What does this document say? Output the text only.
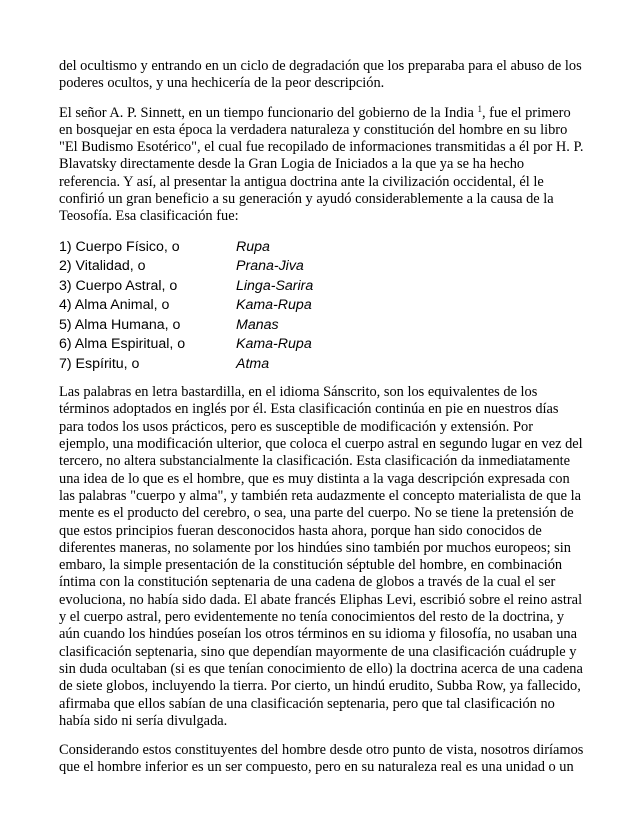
del ocultismo y entrando en un ciclo de degradación que los preparaba para el abuso de los poderes ocultos, y una hechicería de la peor descripción.

El señor A. P. Sinnett, en un tiempo funcionario del gobierno de la India $^1$, fue el primero en bosquejar en esta época la verdadera naturaleza y constitución del hombre en su libro "El Budismo Esotérico", el cual fue recopilado de informaciones transmitidas a él por H. P. Blavatsky directamente desde la Gran Logia de Iniciados a la que ya se ha hecho referencia. Y así, al presentar la antigua doctrina ante la civilización occidental, él le confirió un gran beneficio a su generación y ayudó considerablemente a la causa de la Teosofía. Esa clasificación fue:

1) Cuerpo Físico, o	Rupa
2) Vitalidad, o	Prana-Jiva
3) Cuerpo Astral, o	Linga-Sarira
4) Alma Animal, o	Kama-Rupa
5) Alma Humana, o	Manas
6) Alma Espiritual, o	Kama-Rupa
7) Espíritu, o	Atma

Las palabras en letra bastardilla, en el idioma Sánscrito, son los equivalentes de los términos adoptados en inglés por él. Esta clasificación continúa en pie en nuestros días para todos los usos prácticos, pero es susceptible de modificación y extensión. Por ejemplo, una modificación ulterior, que coloca el cuerpo astral en segundo lugar en vez del tercero, no altera substancialmente la clasificación. Esta clasificación da inmediatamente una idea de lo que es el hombre, que es muy distinta a la vaga descripción expresada con las palabras "cuerpo y alma", y también reta audazmente el concepto materialista de que la mente es el producto del cerebro, o sea, una parte del cuerpo. No se tiene la pretensión de que estos principios fueran desconocidos hasta ahora, porque han sido conocidos de diferentes maneras, no solamente por los hindúes sino también por muchos europeos; sin embaro, la simple presentación de la constitución séptuble del hombre, en combinación íntima con la constitución septenaria de una cadena de globos a través de la cual el ser evoluciona, no había sido dada. El abate francés Eliphas Levi, escribió sobre el reino astral y el cuerpo astral, pero evidentemente no tenía conocimientos del resto de la doctrina, y aún cuando los hindúes poseían los otros términos en su idioma y filosofía, no usaban una clasificación septenaria, sino que dependían mayormente de una clasificación cuádruple y sin duda ocultaban (si es que tenían conocimiento de ello) la doctrina acerca de una cadena de siete globos, incluyendo la tierra. Por cierto, un hindú erudito, Subba Row, ya fallecido, afirmaba que ellos sabían de una clasificación septenaria, pero que tal clasificación no había sido ni sería divulgada.

Considerando estos constituyentes del hombre desde otro punto de vista, nosotros diríamos que el hombre inferior es un ser compuesto, pero en su naturaleza real es una unidad o un
